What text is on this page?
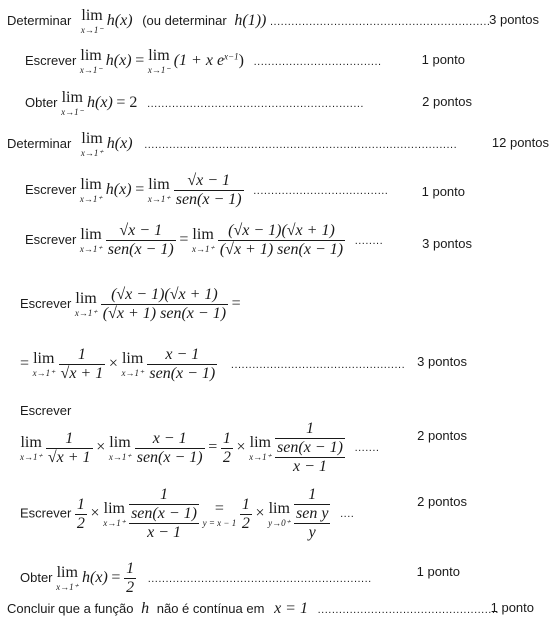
Determinar lim
x→1⁻
h(x) (ou determinar h(1)) ..............................................................
3 pontos
Escrever lim
x→1⁻
h(x) = lim
x→1⁻
(1 + x $e^{x-1}$) ....................................	1 ponto
Obter lim
x→1⁻
h(x) = 2 .............................................................	2 pontos
Determinar lim
x→1⁺
h(x) ........................................................................................	12 pontos
Escrever lim
x→1⁺
h(x) = lim
x→1⁺
$\frac{√x - 1}{\text{sen(x − 1)}}$ ......................................	1 ponto
Escrever lim
x→1⁺
$\frac{√x - 1}{\text{sen(x − 1)}} = \lim$
x→1⁺
$\frac{(√x - 1)(√x + 1)}{\text{(√x + 1) sen(x − 1)}}$ ........	3 pontos
Escrever lim
x→1⁺
$\frac{(√x - 1)(√x + 1)}{\text{(√x + 1) sen(x − 1)}}$ =
= lim
x→1⁺
$\frac{1}{√x + 1} \times \lim$
x→1⁺
$\frac{x - 1}{\text{sen(x − 1)}}$ ................................................. 3 pontos
Escrever
lim
x→1⁺
$\frac{1}{√x + 1} \times \lim$
x→1⁺
$\frac{x - 1}{\text{sen(x − 1)}} = \frac{1}{2} \times \lim$
x→1⁺
$\frac{1}{\frac{\text{sen(x − 1)}}{x - 1}}$ .......
2 pontos
Escrever $\frac{1}{2} \times \lim$
x→1⁺
$\frac{1}{\frac{\text{sen(x − 1)}}{x - 1}}$
=
y = x − 1
$\frac{1}{2} \times \lim$
y→0⁺
$\frac{1}{\frac{\text{sen y}}{y}}$ ....
2 pontos
Obter lim
x→1⁺
$h(x) = \frac{1}{2}$ ...............................................................	1 ponto
Concluir que a função h não é contínua em x = 1 ...................................................
1 ponto
